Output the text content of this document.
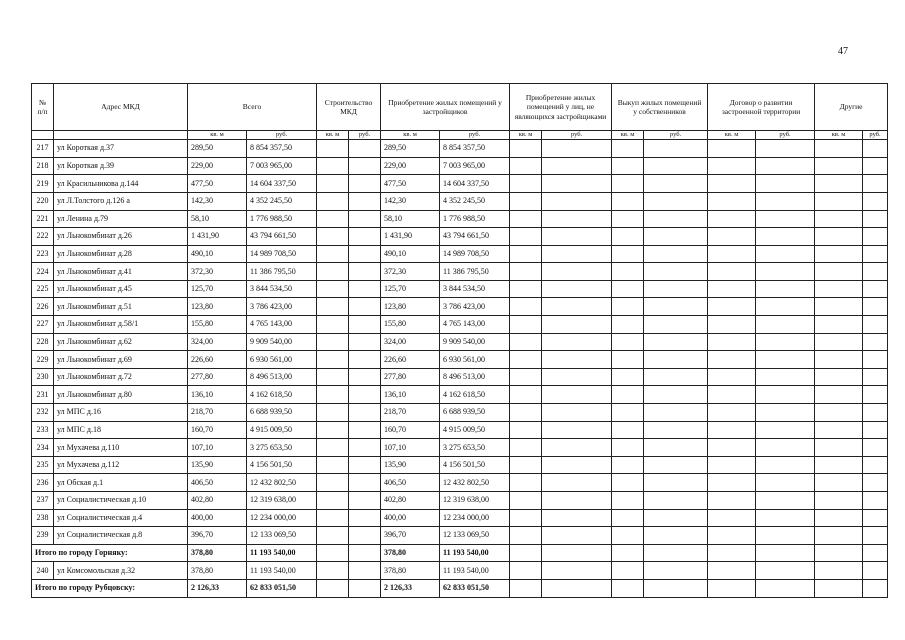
47
№ п/п	Адрес МКД	Всего		Строительство МКД		Приобретение жилых помещений у застройщиков		Приобретение жилых помещений у лиц, не являющихся застройщиками		Выкуп жилых помещений у собственников		Договор о развитии застроенной территории		Другие	
		кв. м	руб.	кв. м	руб.	кв. м	руб.	кв. м	руб.	кв. м	руб.	кв. м	руб.	кв. м	руб.
217	ул Короткая д.37	289,50	8 854 357,50			289,50	8 854 357,50								
218	ул Короткая д.39	229,00	7 003 965,00			229,00	7 003 965,00								
219	ул Красильникова д.144	477,50	14 604 337,50			477,50	14 604 337,50								
220	ул Л.Толстого д.126 а	142,30	4 352 245,50			142,30	4 352 245,50								
221	ул Ленина д.79	58,10	1 776 988,50			58,10	1 776 988,50								
222	ул Льнокомбинат д.26	1 431,90	43 794 661,50			1 431,90	43 794 661,50								
223	ул Льнокомбинат д.28	490,10	14 989 708,50			490,10	14 989 708,50								
224	ул Льнокомбинат д.41	372,30	11 386 795,50			372,30	11 386 795,50								
225	ул Льнокомбинат д.45	125,70	3 844 534,50			125,70	3 844 534,50								
226	ул Льнокомбинат д.51	123,80	3 786 423,00			123,80	3 786 423,00								
227	ул Льнокомбинат д.58/1	155,80	4 765 143,00			155,80	4 765 143,00								
228	ул Льнокомбинат д.62	324,00	9 909 540,00			324,00	9 909 540,00								
229	ул Льнокомбинат д.69	226,60	6 930 561,00			226,60	6 930 561,00								
230	ул Льнокомбинат д.72	277,80	8 496 513,00			277,80	8 496 513,00								
231	ул Льнокомбинат д.80	136,10	4 162 618,50			136,10	4 162 618,50								
232	ул МПС д.16	218,70	6 688 939,50			218,70	6 688 939,50								
233	ул МПС д.18	160,70	4 915 009,50			160,70	4 915 009,50								
234	ул Мухачева д.110	107,10	3 275 653,50			107,10	3 275 653,50								
235	ул Мухачева д.112	135,90	4 156 501,50			135,90	4 156 501,50								
236	ул Обская д.1	406,50	12 432 802,50			406,50	12 432 802,50								
237	ул Социалистическая д.10	402,80	12 319 638,00			402,80	12 319 638,00								
238	ул Социалистическая д.4	400,00	12 234 000,00			400,00	12 234 000,00								
239	ул Социалистическая д.8	396,70	12 133 069,50			396,70	12 133 069,50								
Итого по городу Горняку:		378,80	11 193 540,00			378,80	11 193 540,00								
240	ул Комсомольская д.32	378,80	11 193 540,00			378,80	11 193 540,00								
Итого по городу Рубцовску:		2 126,33	62 833 051,50			2 126,33	62 833 051,50								
